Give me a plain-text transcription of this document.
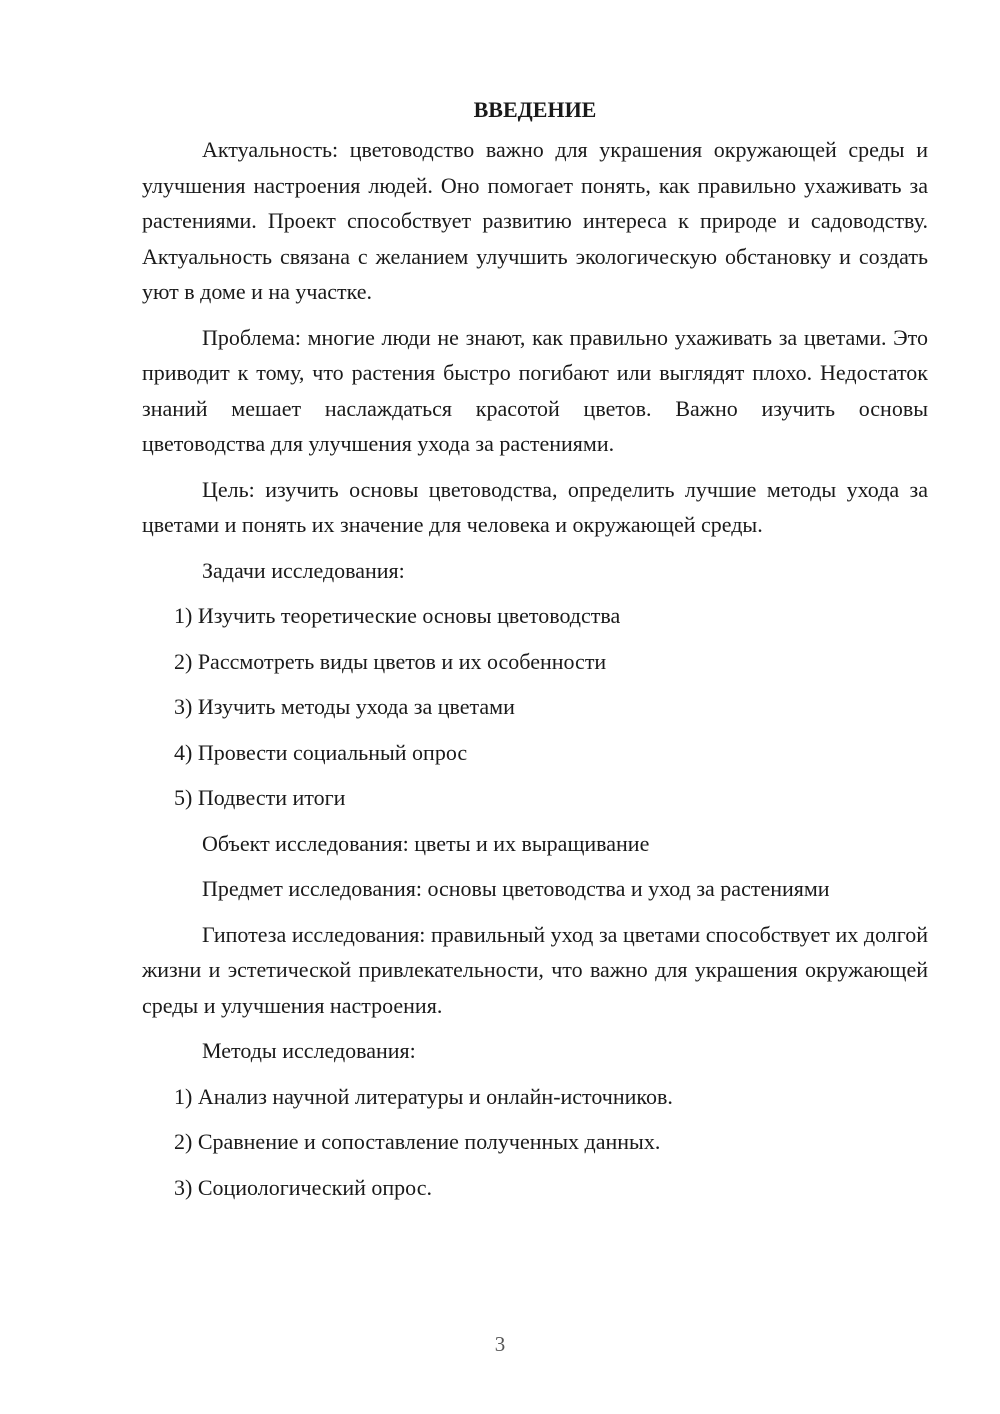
ВВЕДЕНИЕ

Актуальность: цветоводство важно для украшения окружающей среды и улучшения настроения людей. Оно помогает понять, как правильно ухаживать за растениями. Проект способствует развитию интереса к природе и садоводству. Актуальность связана с желанием улучшить экологическую обстановку и создать уют в доме и на участке.

Проблема: многие люди не знают, как правильно ухаживать за цветами. Это приводит к тому, что растения быстро погибают или выглядят плохо. Недостаток знаний мешает наслаждаться красотой цветов. Важно изучить основы цветоводства для улучшения ухода за растениями.

Цель: изучить основы цветоводства, определить лучшие методы ухода за цветами и понять их значение для человека и окружающей среды.

Задачи исследования:
1) Изучить теоретические основы цветоводства
2) Рассмотреть виды цветов и их особенности
3) Изучить методы ухода за цветами
4) Провести социальный опрос
5) Подвести итоги
Объект исследования: цветы и их выращивание
Предмет исследования: основы цветоводства и уход за растениями

Гипотеза исследования: правильный уход за цветами способствует их долгой жизни и эстетической привлекательности, что важно для украшения окружающей среды и улучшения настроения.

Методы исследования:
1) Анализ научной литературы и онлайн-источников.
2) Сравнение и сопоставление полученных данных.
3) Социологический опрос.
3
